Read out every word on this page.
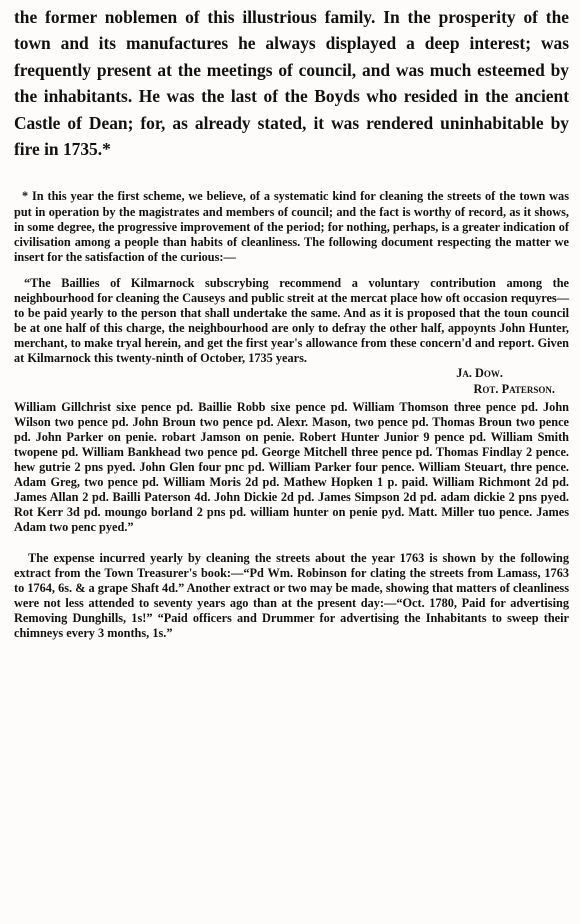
the former noblemen of this illustrious family. In the prosperity of the town and its manufactures he always displayed a deep interest; was frequently present at the meetings of council, and was much esteemed by the inhabitants. He was the last of the Boyds who resided in the ancient Castle of Dean; for, as already stated, it was rendered uninhabitable by fire in 1735.*

* In this year the first scheme, we believe, of a systematic kind for cleaning the streets of the town was put in operation by the magistrates and members of council; and the fact is worthy of record, as it shows, in some degree, the progressive improvement of the period; for nothing, perhaps, is a greater indication of civilisation among a people than habits of cleanliness. The following document respecting the matter we insert for the satisfaction of the curious:—

“The Baillies of Kilmarnock subscrybing recommend a voluntary contribution among the neighbourhood for cleaning the Causeys and public streit at the mercat place how oft occasion requyres—to be paid yearly to the person that shall undertake the same. And as it is proposed that the toun council be at one half of this charge, the neighbourhood are only to defray the other half, appoynts John Hunter, merchant, to make tryal herein, and get the first year's allowance from these concern'd and report. Given at Kilmarnock this twenty-ninth of October, 1735 years.

Ja. Dow.
Rot. Paterson.

William Gillchrist sixe pence pd. Baillie Robb sixe pence pd. William Thomson three pence pd. John Wilson two pence pd. John Broun two pence pd. Alexr. Mason, two pence pd. Thomas Broun two pence pd. John Parker on penie. robart Jamson on penie. Robert Hunter Junior 9 pence pd. William Smith twopene pd. William Bankhead two pence pd. George Mitchell three pence pd. Thomas Findlay 2 pence. hew gutrie 2 pns pyed. John Glen four pnc pd. William Parker four pence. William Steuart, thre pence. Adam Greg, two pence pd. William Moris 2d pd. Mathew Hopken 1 p. paid. William Richmont 2d pd. James Allan 2 pd. Bailli Paterson 4d. John Dickie 2d pd. James Simpson 2d pd. adam dickie 2 pns pyed. Rot Kerr 3d pd. moungo borland 2 pns pd. william hunter on penie pyd. Matt. Miller tuo pence. James Adam two penc pyed.”

The expense incurred yearly by cleaning the streets about the year 1763 is shown by the following extract from the Town Treasurer's book:—“Pd Wm. Robinson for clating the streets from Lamass, 1763 to 1764, 6s. & a grape Shaft 4d.” Another extract or two may be made, showing that matters of cleanliness were not less attended to seventy years ago than at the present day:—“Oct. 1780, Paid for advertising Removing Dunghills, 1s!” “Paid officers and Drummer for advertising the Inhabitants to sweep their chimneys every 3 months, 1s.”
